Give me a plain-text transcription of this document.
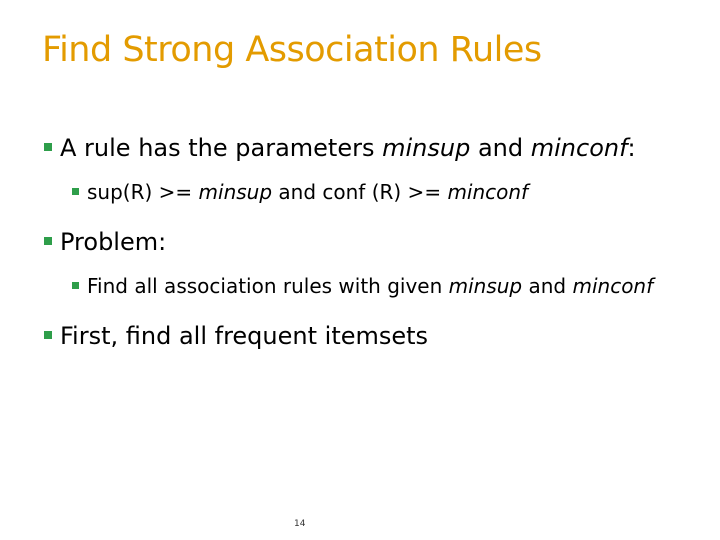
Find Strong Association Rules
A rule has the parameters minsup and minconf:
sup(R) >= minsup and conf (R) >= minconf
Problem:
Find all association rules with given minsup and minconf
First, find all frequent itemsets
14
